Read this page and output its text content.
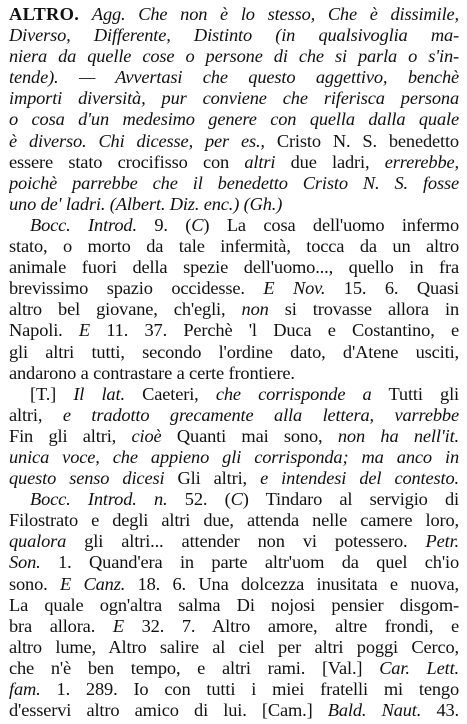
ALTRO. Agg. Che non è lo stesso, Che è dissimile,
Diverso, Differente, Distinto (in qualsivoglia ma-
niera da quelle cose o persone di che si parla o s'in-
tende). — Avvertasi che questo aggettivo, benchè
importi diversità, pur conviene che riferisca persona
o cosa d'un medesimo genere con quella dalla quale
è diverso. Chi dicesse, per es., Cristo N. S. benedetto
essere stato crocifisso con altri due ladri, errerebbe,
poichè parrebbe che il benedetto Cristo N. S. fosse
uno de' ladri. (Albert. Diz. enc.) (Gh.)
Bocc. Introd. 9. (C) La cosa dell'uomo infermo
stato, o morto da tale infermità, tocca da un altro
animale fuori della spezie dell'uomo..., quello in fra
brevissimo spazio occidesse. E Nov. 15. 6. Quasi
altro bel giovane, ch'egli, non si trovasse allora in
Napoli. E 11. 37. Perchè 'l Duca e Costantino, e
gli altri tutti, secondo l'ordine dato, d'Atene usciti,
andarono a contrastare a certe frontiere.
[T.] Il lat. Caeteri, che corrisponde a Tutti gli
altri, e tradotto grecamente alla lettera, varrebbe
Fin gli altri, cioè Quanti mai sono, non ha nell'it.
unica voce, che appieno gli corrisponda; ma anco in
questo senso dicesi Gli altri, e intendesi del contesto.
Bocc. Introd. n. 52. (C) Tindaro al servigio di
Filostrato e degli altri due, attenda nelle camere loro,
qualora gli altri... attender non vi potessero. Petr.
Son. 1. Quand'era in parte altr'uom da quel ch'io
sono. E Canz. 18. 6. Una dolcezza inusitata e nuova,
La quale ogn'altra salma Di nojosi pensier disgom-
bra allora. E 32. 7. Altro amore, altre frondi, e
altro lume, Altro salire al ciel per altri poggi Cerco,
che n'è ben tempo, e altri rami. [Val.] Car. Lett.
fam. 1. 289. Io con tutti i miei fratelli mi tengo
d'esservi altro amico di lui. [Cam.] Bald. Naut. 43.
